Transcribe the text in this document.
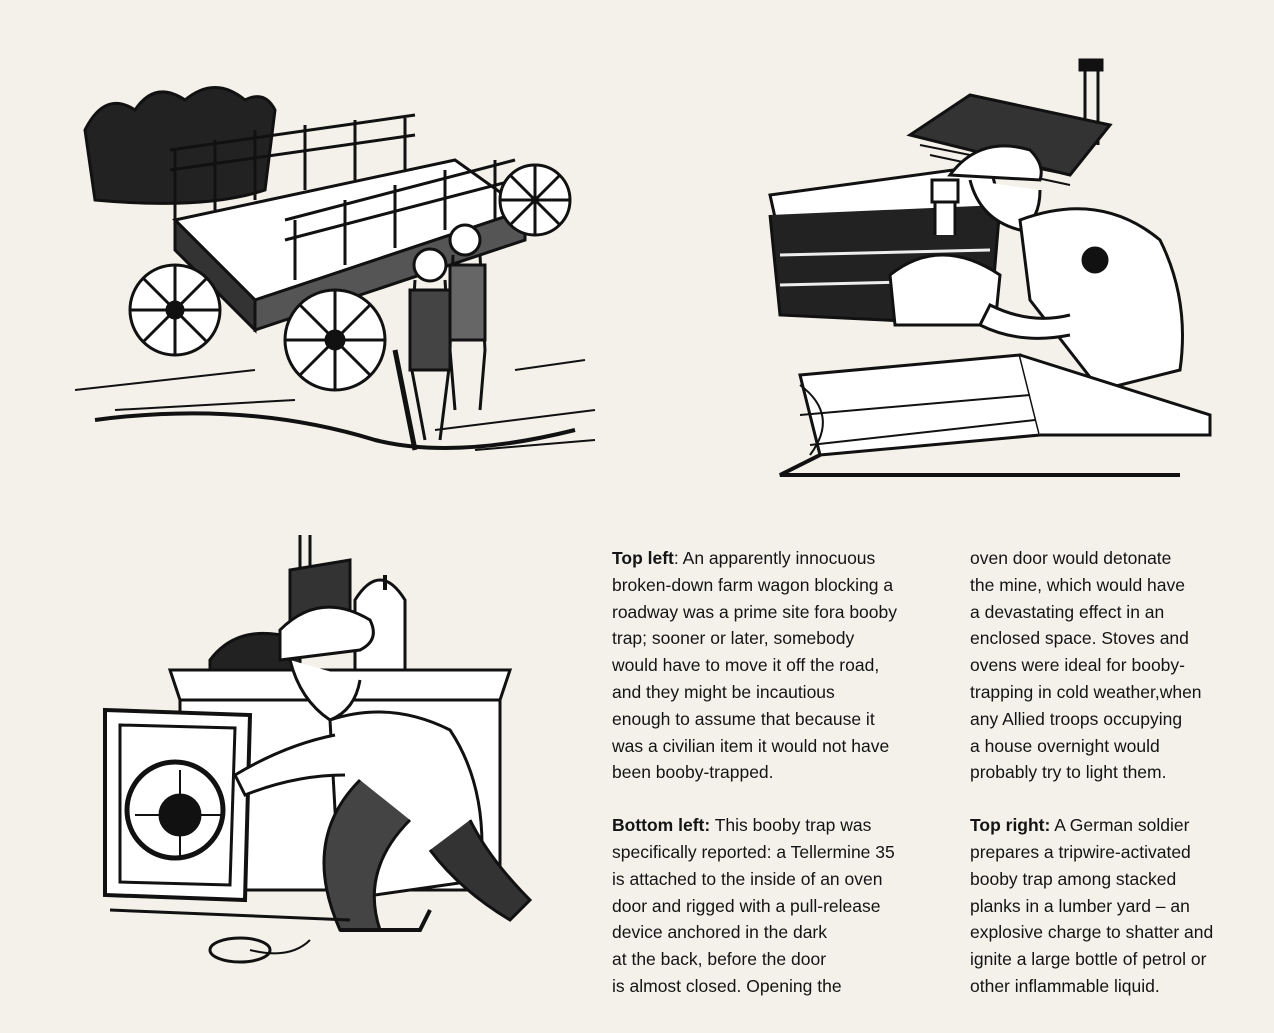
Top left: An apparently innocuous
broken-down farm wagon blocking a
roadway was a prime site fora booby
trap; sooner or later, somebody
would have to move it off the road,
and they might be incautious
enough to assume that because it
was a civilian item it would not have
been booby-trapped.

Bottom left: This booby trap was
specifically reported: a Tellermine 35
is attached to the inside of an oven
door and rigged with a pull-release
device anchored in the dark
at the back, before the door
is almost closed. Opening the

oven door would detonate
the mine, which would have
a devastating effect in an
enclosed space. Stoves and
ovens were ideal for booby-
trapping in cold weather,when
any Allied troops occupying
a house overnight would
probably try to light them.

Top right: A German soldier
prepares a tripwire-activated
booby trap among stacked
planks in a lumber yard – an
explosive charge to shatter and
ignite a large bottle of petrol or
other inflammable liquid.
